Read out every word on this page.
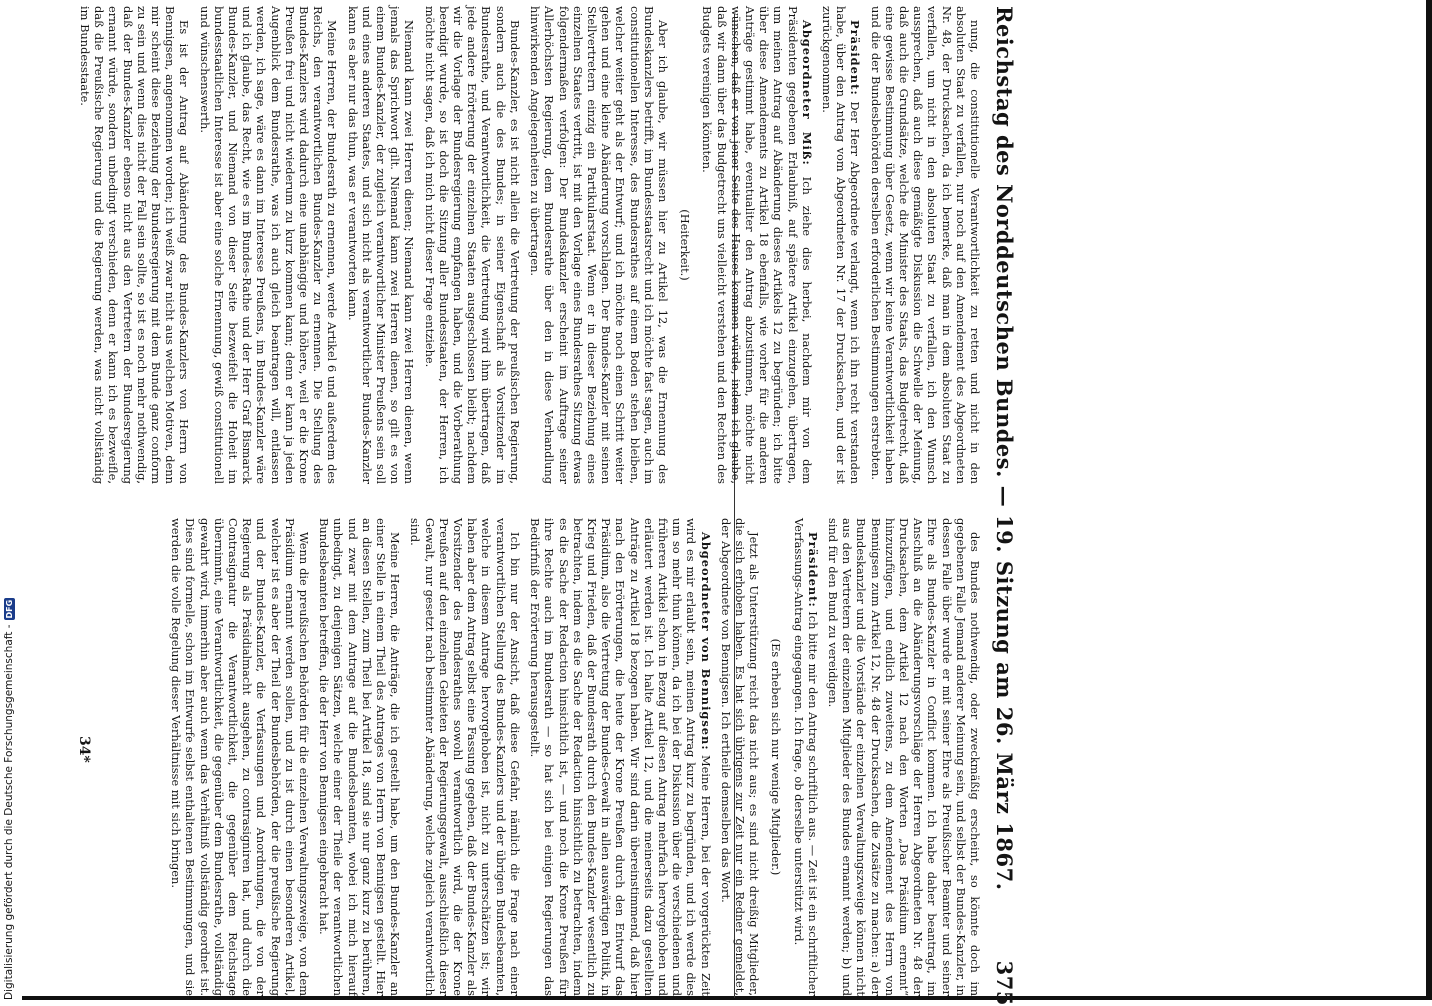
Digitalisierung gefördert durch die Deutsche Forschungsgemeinschaft -
DFG	Reichstag des Norddeutschen Bundes. — 19. Sitzung am 26. März 1867.
375

nung, die constitutionelle Verantwortlichkeit zu retten und nicht in den absoluten Staat zu verfallen, nur noch auf den Amendement des Abgeordneten Nr. 48, der Drucksachen, da ich bemerke, daß man in dem absoluten Staat zu verfallen, um nicht in den absoluten Staat zu verfallen, ich den Wunsch aussprechen, daß auch diese gemäßigte Diskussion die Schwelle der Meinung, daß auch die Grundsätze, welche die Minister des Staats, das Budgetrecht, daß eine gewisse Bestimmung über Gesetz, wenn wir keine Verantwortlichkeit haben und die der Bundesbehörden derselben erforderlichen Bestimmungen erstrebten.

Präsident: Der Herr Abgeordnete verlangt, wenn ich ihn recht verstanden habe, über den Antrag vom Abgeordneten Nr. 17 der Drucksachen, und der ist zurückgenommen.

Abgeordneter Miß: Ich ziehe dies herbei, nachdem mir von dem Präsidenten gegebenen Erlaubniß, auf spätere Artikel einzugehen, übertragen, um meinen Antrag auf Abänderung dieses Artikels 12 zu begründen; ich bitte über diese Amendements zu Artikel 18 ebenfalls, wie vorher für die anderen Anträge gestimmt habe, eventualiter den Antrag abzustimmen, möchte nicht wünschen, daß er von jener Seite des Hauses kommen würde, indem ich glaube, daß wir dann über das Budgetrecht uns vielleicht verstehen und den Rechten des Budgets vereinigen könnten.

(Heiterkeit.)

Aber ich glaube, wir müssen hier zu Artikel 12, was die Ernennung des Bundeskanzlers betrifft, im Bundesstaatsrecht und ich möchte fast sagen, auch im constitutionellen Interesse, des Bundesrathes auf einem Boden stehen bleiben, welcher weiter geht als der Entwurf; und ich möchte noch einen Schritt weiter gehen und eine kleine Abänderung vorschlagen. Der Bundes-Kanzler mit seinen Stellvertretern einzig ein Partikularstaat. Wenn er in dieser Beziehung eines einzelnen Staates vertritt, ist mit den Vorlage eines Bundesrathes Sitzung etwas folgendermaßen verfolgen: Der Bundeskanzler erscheint im Auftrage seiner Allerhöchsten Regierung, dem Bundesrathe über den in diese Verhandlung hinwirkenden Angelegenheiten zu übertragen.

Bundes-Kanzler, es ist nicht allein die Vertretung der preußischen Regierung, sondern auch die des Bundes; in seiner Eigenschaft als Vorsitzender im Bundesrathe, und Verantwortlichkeit, die Vertretung wird ihm übertragen, daß jede andere Erörterung der einzelnen Staaten ausgeschlossen bleibt; nachdem wir die Vorlage der Bundesregierung empfangen haben, und die Vorberathung beendigt wurde, so ist doch die Sitzung aller Bundesstaaten, der Herren, ich möchte nicht sagen, daß ich mich nicht dieser Frage entziehe.

Niemand kann zwei Herren dienen; Niemand kann zwei Herren dienen, wenn jemals das Sprichwort gilt. Niemand kann zwei Herren dienen, so gilt es von einem Bundes-Kanzler, der zugleich verantwortlicher Minister Preußens sein soll und eines anderen Staates, und sich nicht als verantwortlicher Bundes-Kanzler kann es aber nur das thun, was er verantworten kann.

Meine Herren, der Bundesrath zu ernennen, werde Artikel 6 und außerdem des Reichs, den verantwortlichen Bundes-Kanzler zu ernennen. Die Stellung des Bundes-Kanzlers wird dadurch eine unabhängige und höhere, weil er die Krone Preußen frei und nicht wiederum zu kurz kommen kann; denn er kann ja jeden Augenblick dem Bundesrathe, was ich auch gleich beantragen will, entlassen werden, ich sage, wäre es dann im Interesse Preußens, im Bundes-Kanzler wäre und ich glaube, das Recht, wie es im Bundes-Rathe und der Herr Graf Bismarck Bundes-Kanzler, und Niemand von dieser Seite bezweifelt die Hoheit im bundesstaatlichen Interesse ist aber eine solche Ernennung, gewiß constitutionell und wünschenswerth.

Es ist der Antrag auf Abänderung des Bundes-Kanzlers von Herrn von Bennigsen, angenommen worden; ich weiß zwar nicht aus welchen Motiven, denn mir scheint diese Beziehung der Bundesregierung mit dem Bunde ganz conform zu sein und wenn dies nicht der Fall sein sollte, so ist es noch mehr nothwendig, daß der Bundes-Kanzler ebenso nicht aus den Vertretern der Bundesregierung ernannt würde, sondern unbedingt verschieden, denn er kann ich es bezweifle, daß die Preußische Regierung und die Regierung werden, was nicht vollständig im Bundesstaate.

des Bundes nothwendig, oder zweckmäßig erscheint, so könnte doch im gegebenen Falle Jemand anderer Meinung sein, und selbst der Bundes-Kanzler, in dessen Falle über wurde er mit seiner Ehre als Preußischer Beamter und seiner Ehre als Bundes-Kanzler in Conflict kommen. Ich habe daher beantragt, im Anschluß an die Abänderungsvorschläge der Herren Abgeordneten Nr. 48 der Drucksachen, dem Artikel 12 nach den Worten „Das Präsidium ernennt“ hinzuzufügen, und endlich zuweitens, zu dem Amendement des Herrn von Bennigsen zum Artikel 12, Nr. 48 der Drucksachen, die Zusätze zu machen: a) der Bundeskanzler und die Vorstände der einzelnen Verwaltungszweige können nicht aus den Vertretern der einzelnen Mitglieder des Bundes ernannt werden; b) und sind für den Bund zu vereidigen.

Präsident: Ich bitte mir den Antrag schriftlich aus. — Zeit ist ein schriftlicher Verfassungs-Antrag eingegangen. Ich frage, ob derselbe unterstützt wird.

(Es erheben sich nur wenige Mitglieder.)

Jetzt als Unterstützung reicht das nicht aus; es sind nicht dreißig Mitglieder, die sich erhoben haben. Es hat sich übrigens zur Zeit nur ein Redner gemeldet, der Abgeordnete von Bennigsen. Ich ertheile demselben das Wort.

Abgeordneter von Bennigsen: Meine Herren, bei der vorgerückten Zeit wird es mir erlaubt sein, meinen Antrag kurz zu begründen, und ich werde dies um so mehr thun können, da ich bei der Diskussion über die verschiedenen und früheren Artikel schon in Bezug auf diesen Antrag mehrfach hervorgehoben und erläutert werden ist. Ich halte Artikel 12, und die meinerseits dazu gestellten Anträge zu Artikel 18 bezogen haben. Wir sind darin übereinstimmend, daß hier nach den Erörterungen, die heute der Krone Preußen durch den Entwurf das Präsidium, also die Vertretung der Bundes-Gewalt in allen auswärtigen Politik, in Krieg und Frieden, daß der Bundesrath durch den Bundes-Kanzler wesentlich zu betrachten, indem es die Sache der Redaction hinsichtlich zu betrachten, indem es die Sache der Redaction hinsichtlich ist, — und noch die Krone Preußen für ihre Rechte auch im Bundesrath — so hat sich bei einigen Regierungen das Bedürfniß der Erörterung herausgestellt.

Ich bin nur der Ansicht, daß diese Gefahr, nämlich die Frage nach einer verantwortlichen Stellung des Bundes-Kanzlers und der übrigen Bundesbeamten, welche in diesem Antrage hervorgehoben ist, nicht zu unterschätzen ist; wir haben aber dem Antrag selbst eine Fassung gegeben, daß der Bundes-Kanzler als Vorsitzender des Bundesrathes sowohl verantwortlich wird, die der Krone Preußen auf den einzelnen Gebieten der Regierungsgewalt, ausschließlich dieser Gewalt, nur gesetzt nach bestimmter Abänderung, welche zugleich verantwortlich sind.

Meine Herren, die Anträge, die ich gestellt habe, um den Bundes-Kanzler an einer Stelle in einem Theil des Antrages von Herrn von Bennigsen gestellt. Hier an diesen Stellen, zum Theil bei Artikel 18, sind sie nur ganz kurz zu berühren, und zwar mit dem Antrage auf die Bundesbeamten, wobei ich mich hierauf unbedingt, zu denjenigen Sätzen, welche einer der Theile der verantwortlichen Bundesbeamten betreffen, die der Herr von Bennigsen eingebracht hat.

Wenn die preußischen Behörden für die einzelnen Verwaltungszweige, von dem Präsidium ernannt werden sollen, und zu ist durch einen besonderen Artikel, welcher ist es aber der Theil der Bundesbehörden, der die preußische Regierung und der Bundes-Kanzler, die Verfassungen und Anordnungen, die von der Regierung als Präsidialmacht ausgehen, zu contrasigniren hat, und durch die Contrasignatur die Verantwortlichkeit, die gegenüber dem Reichstage übernimmt, eine Verantwortlichkeit, die gegenüber dem Bundesrathe, vollständig gewahrt wird, immerhin aber auch wenn das Verhältniß vollständig geordnet ist. Dies sind formelle, schon im Entwurfe selbst enthaltenen Bestimmungen, und sie werden die volle Regelung dieser Verhältnisse mit sich bringen.

34*
